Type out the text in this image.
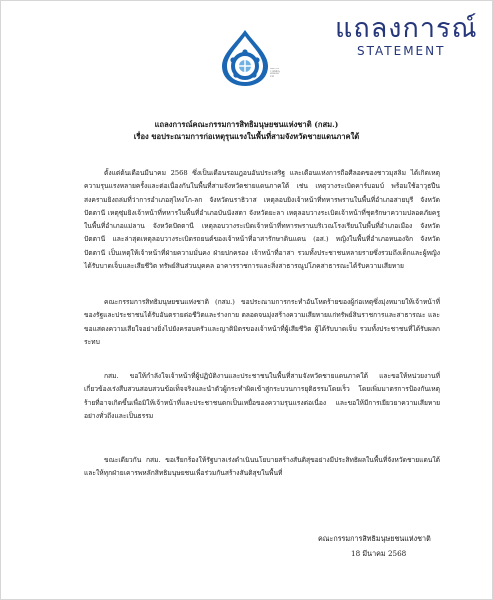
คณะกรรมการสิทธิมนุษยชนแห่งชาติ
แถลงการณ์
STATEMENT
แถลงการณ์คณะกรรมการสิทธิมนุษยชนแห่งชาติ (กสม.)
เรื่อง ขอประณามการก่อเหตุรุนแรงในพื้นที่สามจังหวัดชายแดนภาคใต้

ตั้งแต่ต้นเดือนมีนาคม 2568 ซึ่งเป็นเดือนรอมฎอนอันประเสริฐ และเดือนแห่งการถือศีลอดของชาวมุสลิม ได้เกิดเหตุความรุนแรงหลายครั้งและต่อเนื่องกันในพื้นที่สามจังหวัดชายแดนภาคใต้ เช่น เหตุวางระเบิดคาร์บอมบ์ พร้อมใช้อาวุธปืนสงครามยิงถล่มที่ว่าการอำเภอสุไหงโก-ลก จังหวัดนราธิวาส เหตุลอบยิงเจ้าหน้าที่ทหารพรานในพื้นที่อำเภอสายบุรี จังหวัดปัตตานี เหตุซุ่มยิงเจ้าหน้าที่ทหารในพื้นที่อำเภอบันนังสตา จังหวัดยะลา เหตุลอบวางระเบิดเจ้าหน้าที่ชุดรักษาความปลอดภัยครูในพื้นที่อำเภอแม่ลาน จังหวัดปัตตานี เหตุลอบวางระเบิดเจ้าหน้าที่ทหารพรานบริเวณโรงเรียนในพื้นที่อำเภอเมือง จังหวัดปัตตานี และล่าสุดเหตุลอบวางระเบิดรถยนต์ของเจ้าหน้าที่อาสารักษาดินแดน (อส.) หญิงในพื้นที่อำเภอหนองจิก จังหวัดปัตตานี เป็นเหตุให้เจ้าหน้าที่ฝ่ายความมั่นคง ฝ่ายปกครอง เจ้าหน้าที่อาสา รวมทั้งประชาชนหลายรายซึ่งรวมถึงเด็กและผู้หญิงได้รับบาดเจ็บและเสียชีวิต ทรัพย์สินส่วนบุคคล อาคารราชการและสิ่งสาธารณูปโภคสาธารณะได้รับความเสียหาย

คณะกรรมการสิทธิมนุษยชนแห่งชาติ (กสม.) ขอประณามการกระทำอันโหดร้ายของผู้ก่อเหตุซึ่งมุ่งหมายให้เจ้าหน้าที่ของรัฐและประชาชนได้รับอันตรายต่อชีวิตและร่างกาย ตลอดจนมุ่งสร้างความเสียหายแก่ทรัพย์สินราชการและสาธารณะ และขอแสดงความเสียใจอย่างยิ่งไปยังครอบครัวและญาติมิตรของเจ้าหน้าที่ผู้เสียชีวิต ผู้ได้รับบาดเจ็บ รวมทั้งประชาชนที่ได้รับผลกระทบ

กสม. ขอให้กำลังใจเจ้าหน้าที่ผู้ปฏิบัติงานและประชาชนในพื้นที่สามจังหวัดชายแดนภาคใต้ และขอให้หน่วยงานที่เกี่ยวข้องเร่งสืบสวนสอบสวนข้อเท็จจริงและนำตัวผู้กระทำผิดเข้าสู่กระบวนการยุติธรรมโดยเร็ว โดยเพิ่มมาตรการป้องกันเหตุร้ายที่อาจเกิดขึ้นเพื่อมิให้เจ้าหน้าที่และประชาชนตกเป็นเหยื่อของความรุนแรงต่อเนื่อง และขอให้มีการเยียวยาความเสียหายอย่างทั่วถึงและเป็นธรรม

ขณะเดียวกัน กสม. ขอเรียกร้องให้รัฐบาลเร่งดำเนินนโยบายสร้างสันติสุขอย่างมีประสิทธิผลในพื้นที่จังหวัดชายแดนใต้ และให้ทุกฝ่ายเคารพหลักสิทธิมนุษยชนเพื่อร่วมกันสร้างสันติสุขในพื้นที่

คณะกรรมการสิทธิมนุษยชนแห่งชาติ
18 มีนาคม 2568
